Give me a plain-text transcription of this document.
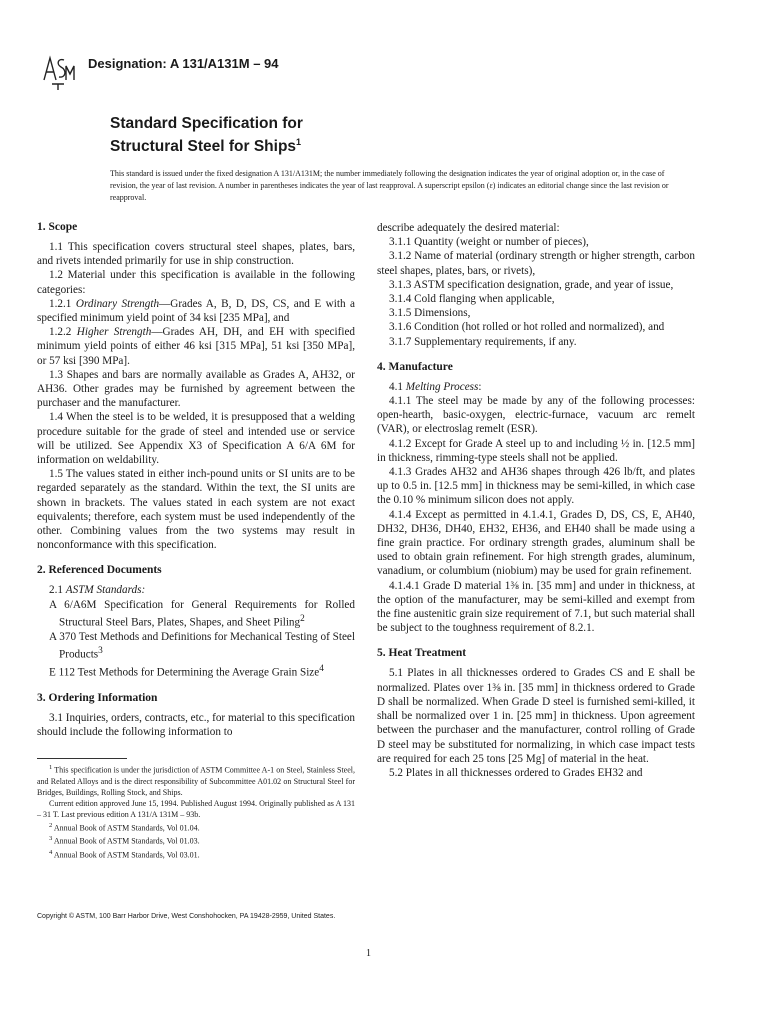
Designation: A 131/A131M – 94
Standard Specification for
Structural Steel for Ships$^1$
This standard is issued under the fixed designation A 131/A131M; the number immediately following the designation indicates the year of original adoption or, in the case of revision, the year of last revision. A number in parentheses indicates the year of last reapproval. A superscript epsilon (ε) indicates an editorial change since the last revision or reapproval.
1. Scope

1.1 This specification covers structural steel shapes, plates, bars, and rivets intended primarily for use in ship construction.

1.2 Material under this specification is available in the following categories:

1.2.1 Ordinary Strength—Grades A, B, D, DS, CS, and E with a specified minimum yield point of 34 ksi [235 MPa], and

1.2.2 Higher Strength—Grades AH, DH, and EH with specified minimum yield points of either 46 ksi [315 MPa], 51 ksi [350 MPa], or 57 ksi [390 MPa].

1.3 Shapes and bars are normally available as Grades A, AH32, or AH36. Other grades may be furnished by agreement between the purchaser and the manufacturer.

1.4 When the steel is to be welded, it is presupposed that a welding procedure suitable for the grade of steel and intended use or service will be utilized. See Appendix X3 of Specification A 6/A 6M for information on weldability.

1.5 The values stated in either inch-pound units or SI units are to be regarded separately as the standard. Within the text, the SI units are shown in brackets. The values stated in each system are not exact equivalents; therefore, each system must be used independently of the other. Combining values from the two systems may result in nonconformance with this specification.

2. Referenced Documents

2.1 ASTM Standards:

A 6/A6M Specification for General Requirements for Rolled Structural Steel Bars, Plates, Shapes, and Sheet Piling$^2$

A 370 Test Methods and Definitions for Mechanical Testing of Steel Products$^3$

E 112 Test Methods for Determining the Average Grain Size$^4$

3. Ordering Information

3.1 Inquiries, orders, contracts, etc., for material to this specification should include the following information to

$^1$ This specification is under the jurisdiction of ASTM Committee A-1 on Steel, Stainless Steel, and Related Alloys and is the direct responsibility of Subcommittee A01.02 on Structural Steel for Bridges, Buildings, Rolling Stock, and Ships.

Current edition approved June 15, 1994. Published August 1994. Originally published as A 131 – 31 T. Last previous edition A 131/A 131M – 93b.

$^2$ Annual Book of ASTM Standards, Vol 01.04.

$^3$ Annual Book of ASTM Standards, Vol 01.03.

$^4$ Annual Book of ASTM Standards, Vol 03.01.

describe adequately the desired material:

3.1.1 Quantity (weight or number of pieces),

3.1.2 Name of material (ordinary strength or higher strength, carbon steel shapes, plates, bars, or rivets),

3.1.3 ASTM specification designation, grade, and year of issue,

3.1.4 Cold flanging when applicable,

3.1.5 Dimensions,

3.1.6 Condition (hot rolled or hot rolled and normalized), and

3.1.7 Supplementary requirements, if any.

4. Manufacture

4.1 Melting Process:

4.1.1 The steel may be made by any of the following processes: open-hearth, basic-oxygen, electric-furnace, vacuum arc remelt (VAR), or electroslag remelt (ESR).

4.1.2 Except for Grade A steel up to and including ½ in. [12.5 mm] in thickness, rimming-type steels shall not be applied.

4.1.3 Grades AH32 and AH36 shapes through 426 lb/ft, and plates up to 0.5 in. [12.5 mm] in thickness may be semi-killed, in which case the 0.10 % minimum silicon does not apply.

4.1.4 Except as permitted in 4.1.4.1, Grades D, DS, CS, E, AH40, DH32, DH36, DH40, EH32, EH36, and EH40 shall be made using a fine grain practice. For ordinary strength grades, aluminum shall be used to obtain grain refinement. For high strength grades, aluminum, vanadium, or columbium (niobium) may be used for grain refinement.

4.1.4.1 Grade D material 1⅜ in. [35 mm] and under in thickness, at the option of the manufacturer, may be semi-killed and exempt from the fine austenitic grain size requirement of 7.1, but such material shall be subject to the toughness requirement of 8.2.1.

5. Heat Treatment

5.1 Plates in all thicknesses ordered to Grades CS and E shall be normalized. Plates over 1⅜ in. [35 mm] in thickness ordered to Grade D shall be normalized. When Grade D steel is furnished semi-killed, it shall be normalized over 1 in. [25 mm] in thickness. Upon agreement between the purchaser and the manufacturer, control rolling of Grade D steel may be substituted for normalizing, in which case impact tests are required for each 25 tons [25 Mg] of material in the heat.

5.2 Plates in all thicknesses ordered to Grades EH32 and

Copyright © ASTM, 100 Barr Harbor Drive, West Conshohocken, PA 19428-2959, United States.
1
